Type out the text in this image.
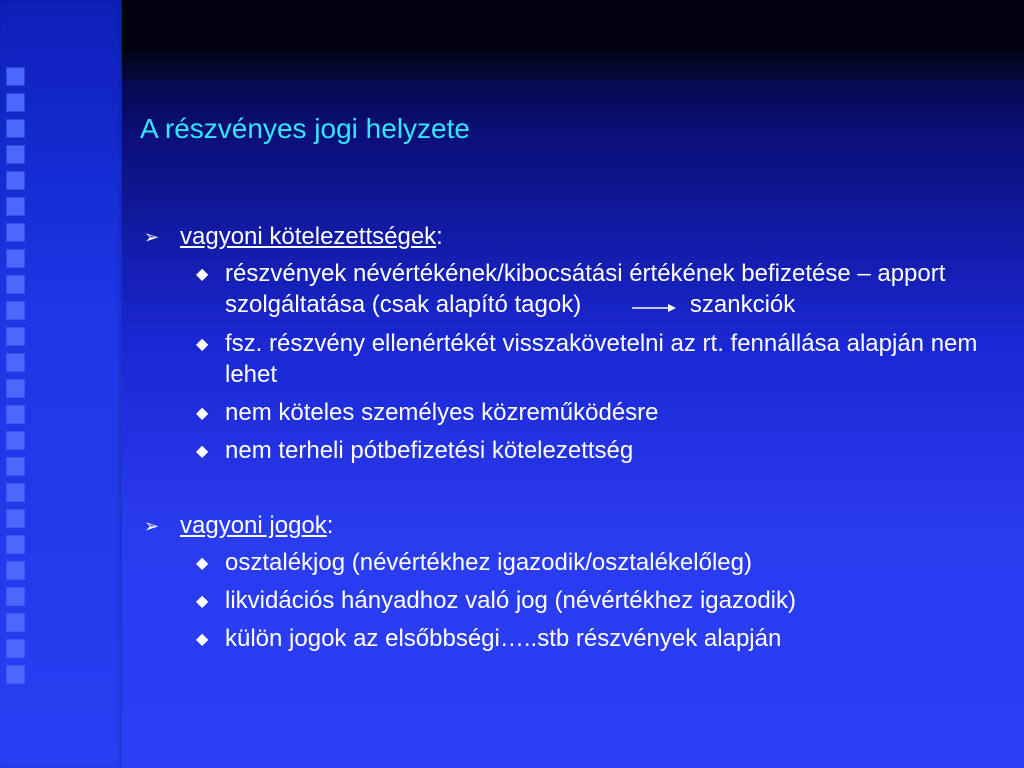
A részvényes jogi helyzete
➢ vagyoni kötelezettségek:
◆ részvények névértékének/kibocsátási értékének befizetése – apport szolgáltatása (csak alapító tagok)	szankciók
◆ fsz. részvény ellenértékét visszakövetelni az rt. fennállása alapján nem lehet
◆ nem köteles személyes közreműködésre
◆ nem terheli pótbefizetési kötelezettség
➢ vagyoni jogok:
◆ osztalékjog (névértékhez igazodik/osztalékelőleg)
◆ likvidációs hányadhoz való jog (névértékhez igazodik)
◆ külön jogok az elsőbbségi…..stb részvények alapján
